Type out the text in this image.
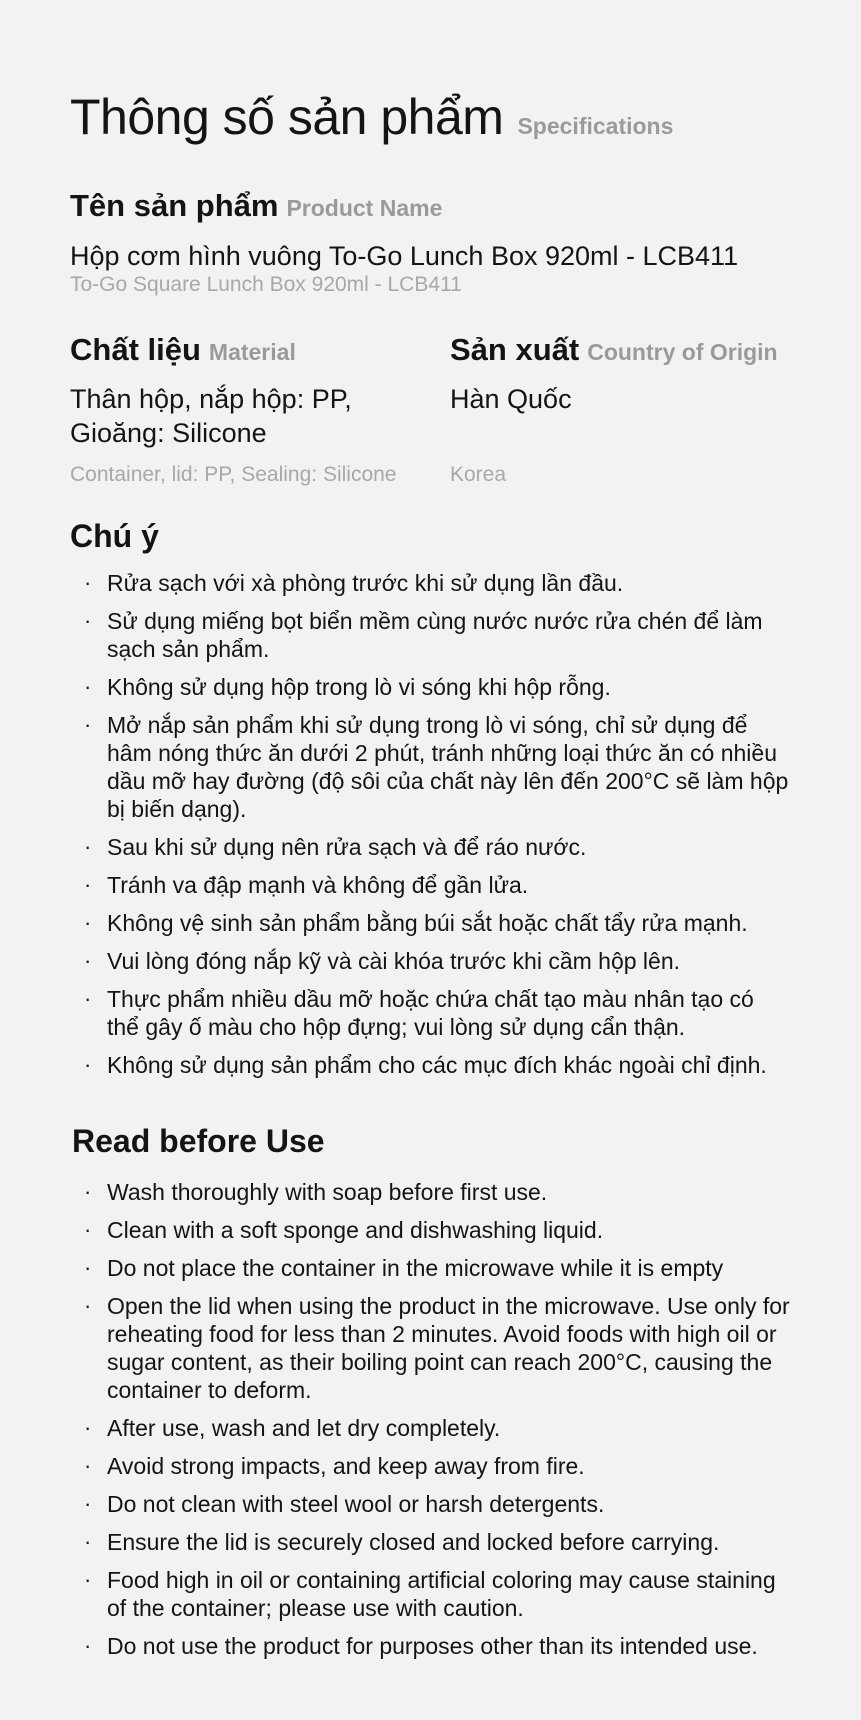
Thông số sản phẩm Specifications
Tên sản phẩm Product Name
Hộp cơm hình vuông To-Go Lunch Box 920ml - LCB411
To-Go Square Lunch Box 920ml - LCB411
Chất liệu Material
Thân hộp, nắp hộp: PP,
Gioăng: Silicone
Container, lid: PP, Sealing: Silicone
Sản xuất Country of Origin
Hàn Quốc
Korea
Chú ý
· Rửa sạch với xà phòng trước khi sử dụng lần đầu.
· Sử dụng miếng bọt biển mềm cùng nước nước rửa chén để làm sạch sản phẩm.
· Không sử dụng hộp trong lò vi sóng khi hộp rỗng.
· Mở nắp sản phẩm khi sử dụng trong lò vi sóng, chỉ sử dụng để hâm nóng thức ăn dưới 2 phút, tránh những loại thức ăn có nhiều dầu mỡ hay đường (độ sôi của chất này lên đến 200°C sẽ làm hộp bị biến dạng).
· Sau khi sử dụng nên rửa sạch và để ráo nước.
· Tránh va đập mạnh và không để gần lửa.
· Không vệ sinh sản phẩm bằng búi sắt hoặc chất tẩy rửa mạnh.
· Vui lòng đóng nắp kỹ và cài khóa trước khi cầm hộp lên.
· Thực phẩm nhiều dầu mỡ hoặc chứa chất tạo màu nhân tạo có thể gây ố màu cho hộp đựng; vui lòng sử dụng cẩn thận.
· Không sử dụng sản phẩm cho các mục đích khác ngoài chỉ định.
Read before Use
· Wash thoroughly with soap before first use.
· Clean with a soft sponge and dishwashing liquid.
· Do not place the container in the microwave while it is empty
· Open the lid when using the product in the microwave. Use only for reheating food for less than 2 minutes. Avoid foods with high oil or sugar content, as their boiling point can reach 200°C, causing the container to deform.
· After use, wash and let dry completely.
· Avoid strong impacts, and keep away from fire.
· Do not clean with steel wool or harsh detergents.
· Ensure the lid is securely closed and locked before carrying.
· Food high in oil or containing artificial coloring may cause staining of the container; please use with caution.
· Do not use the product for purposes other than its intended use.
